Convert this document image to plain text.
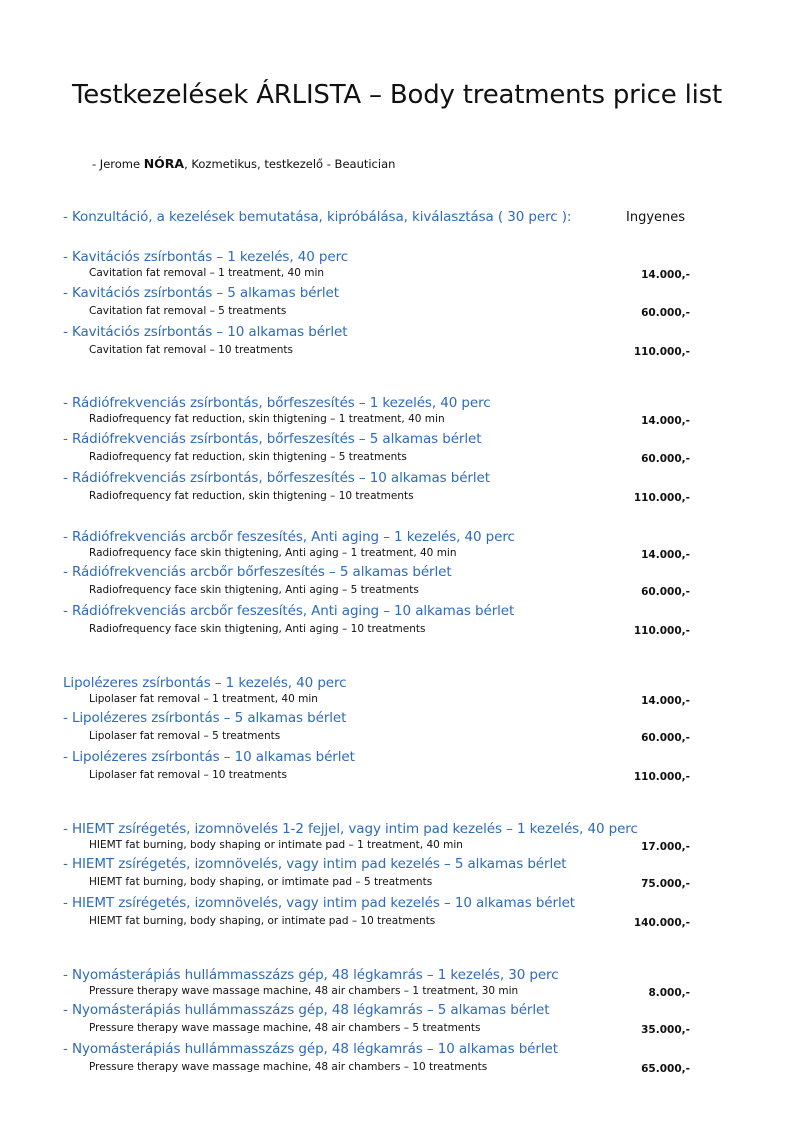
Testkezelések ÁRLISTA – Body treatments price list
- Jerome NÓRA, Kozmetikus, testkezelő - Beautician
- Konzultáció, a kezelések bemutatása, kipróbálása, kiválasztása ( 30 perc ):	Ingyenes
- Kavitációs zsírbontás – 1 kezelés, 40 perc
Cavitation fat removal – 1 treatment, 40 min	14.000,-
- Kavitációs zsírbontás – 5 alkamas bérlet
Cavitation fat removal – 5 treatments	60.000,-
- Kavitációs zsírbontás – 10 alkamas bérlet
Cavitation fat removal – 10 treatments	110.000,-
- Rádiófrekvenciás zsírbontás, bőrfeszesítés – 1 kezelés, 40 perc
Radiofrequency fat reduction, skin thigtening – 1 treatment, 40 min	14.000,-
- Rádiófrekvenciás zsírbontás, bőrfeszesítés – 5 alkamas bérlet
Radiofrequency fat reduction, skin thigtening – 5 treatments	60.000,-
- Rádiófrekvenciás zsírbontás, bőrfeszesítés – 10 alkamas bérlet
Radiofrequency fat reduction, skin thigtening – 10 treatments	110.000,-
- Rádiófrekvenciás arcbőr feszesítés, Anti aging – 1 kezelés, 40 perc
Radiofrequency face skin thigtening, Anti aging – 1 treatment, 40 min	14.000,-
- Rádiófrekvenciás arcbőr bőrfeszesítés – 5 alkamas bérlet
Radiofrequency face skin thigtening, Anti aging – 5 treatments	60.000,-
- Rádiófrekvenciás arcbőr feszesítés, Anti aging – 10 alkamas bérlet
Radiofrequency face skin thigtening, Anti aging – 10 treatments	110.000,-
Lipolézeres zsírbontás – 1 kezelés, 40 perc
Lipolaser fat removal – 1 treatment, 40 min	14.000,-
- Lipolézeres zsírbontás – 5 alkamas bérlet
Lipolaser fat removal – 5 treatments	60.000,-
- Lipolézeres zsírbontás – 10 alkamas bérlet
Lipolaser fat removal – 10 treatments	110.000,-
- HIEMT zsírégetés, izomnövelés 1-2 fejjel, vagy intim pad kezelés – 1 kezelés, 40 perc
HIEMT fat burning, body shaping or intimate pad – 1 treatment, 40 min	17.000,-
- HIEMT zsírégetés, izomnövelés, vagy intim pad kezelés – 5 alkamas bérlet
HIEMT fat burning, body shaping, or imtimate pad – 5 treatments	75.000,-
- HIEMT zsírégetés, izomnövelés, vagy intim pad kezelés – 10 alkamas bérlet
HIEMT fat burning, body shaping, or intimate pad – 10 treatments	140.000,-
- Nyomásterápiás hullámmasszázs gép, 48 légkamrás – 1 kezelés, 30 perc
Pressure therapy wave massage machine, 48 air chambers – 1 treatment, 30 min	8.000,-
- Nyomásterápiás hullámmasszázs gép, 48 légkamrás – 5 alkamas bérlet
Pressure therapy wave massage machine, 48 air chambers – 5 treatments	35.000,-
- Nyomásterápiás hullámmasszázs gép, 48 légkamrás – 10 alkamas bérlet
Pressure therapy wave massage machine, 48 air chambers – 10 treatments	65.000,-
